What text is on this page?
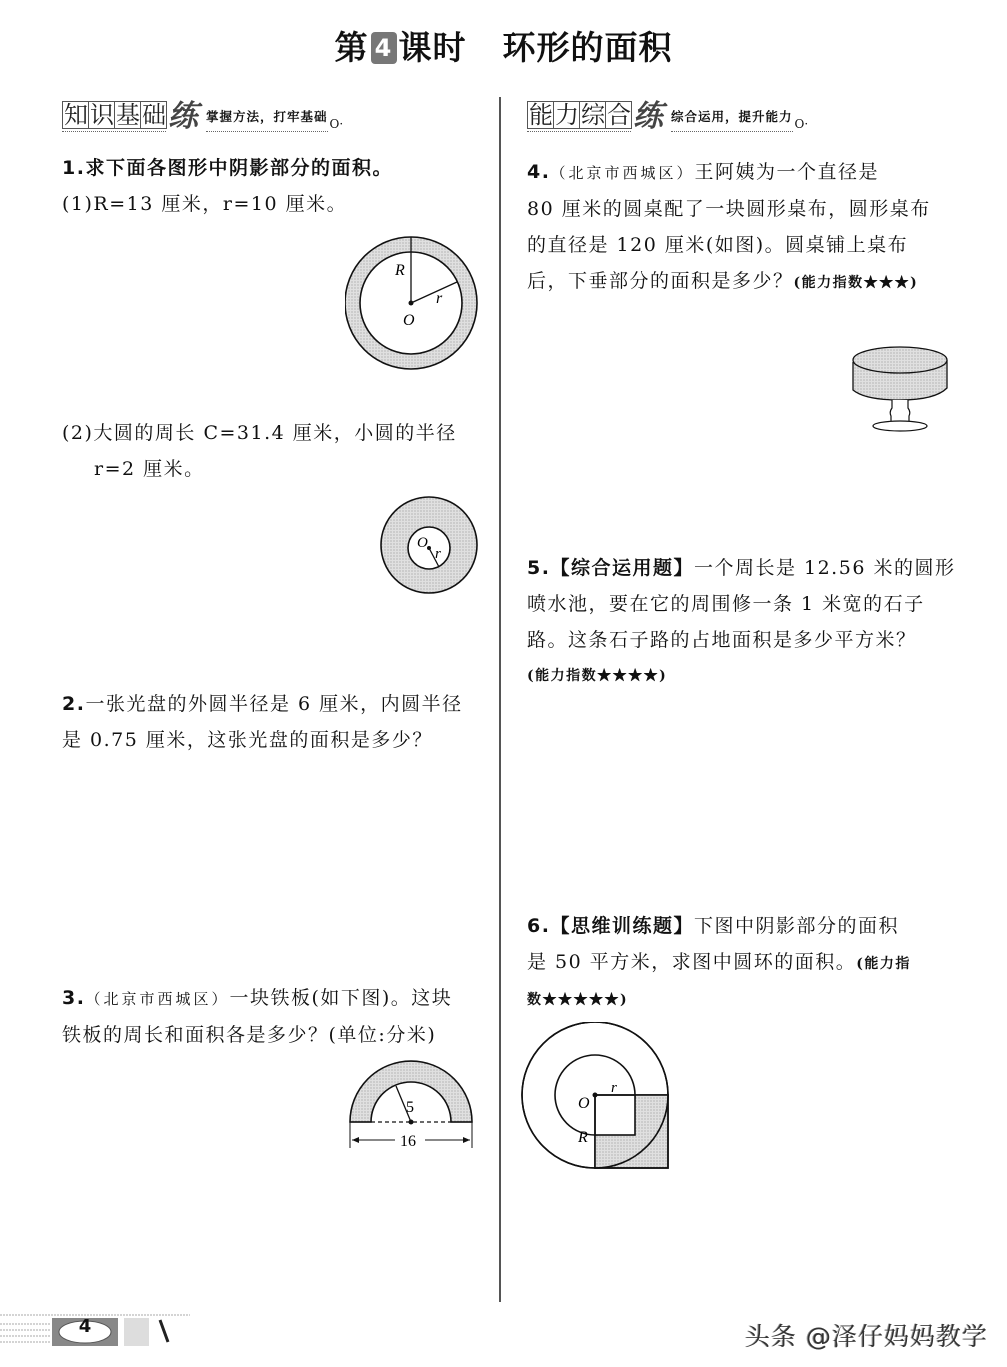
第 4 课时 环形的面积
知 识 基 础 练 掌握方法，打牢基础 O·	能 力 综 合 练 综合运用，提升能力 O·
1.求下面各图形中阴影部分的面积。
(1)R=13 厘米，r=10 厘米。
R
r
O
(2)大圆的周长 C=31.4 厘米，小圆的半径
r=2 厘米。
O
r
2.一张光盘的外圆半径是 6 厘米，内圆半径
是 0.75 厘米，这张光盘的面积是多少？
3.（北京市西城区）一块铁板(如下图)。这块
铁板的周长和面积各是多少？(单位:分米)
5
16
4.（北京市西城区）王阿姨为一个直径是
80 厘米的圆桌配了一块圆形桌布，圆形桌布
的直径是 120 厘米(如图)。圆桌铺上桌布
后，下垂部分的面积是多少？(能力指数★★★)
5.【综合运用题】一个周长是 12.56 米的圆形
喷水池，要在它的周围修一条 1 米宽的石子
路。这条石子路的占地面积是多少平方米？
(能力指数★★★★)
6.【思维训练题】下图中阴影部分的面积
是 50 平方米，求图中圆环的面积。(能力指
数★★★★★)
O
r
R
4	头条 @泽仔妈妈教学
